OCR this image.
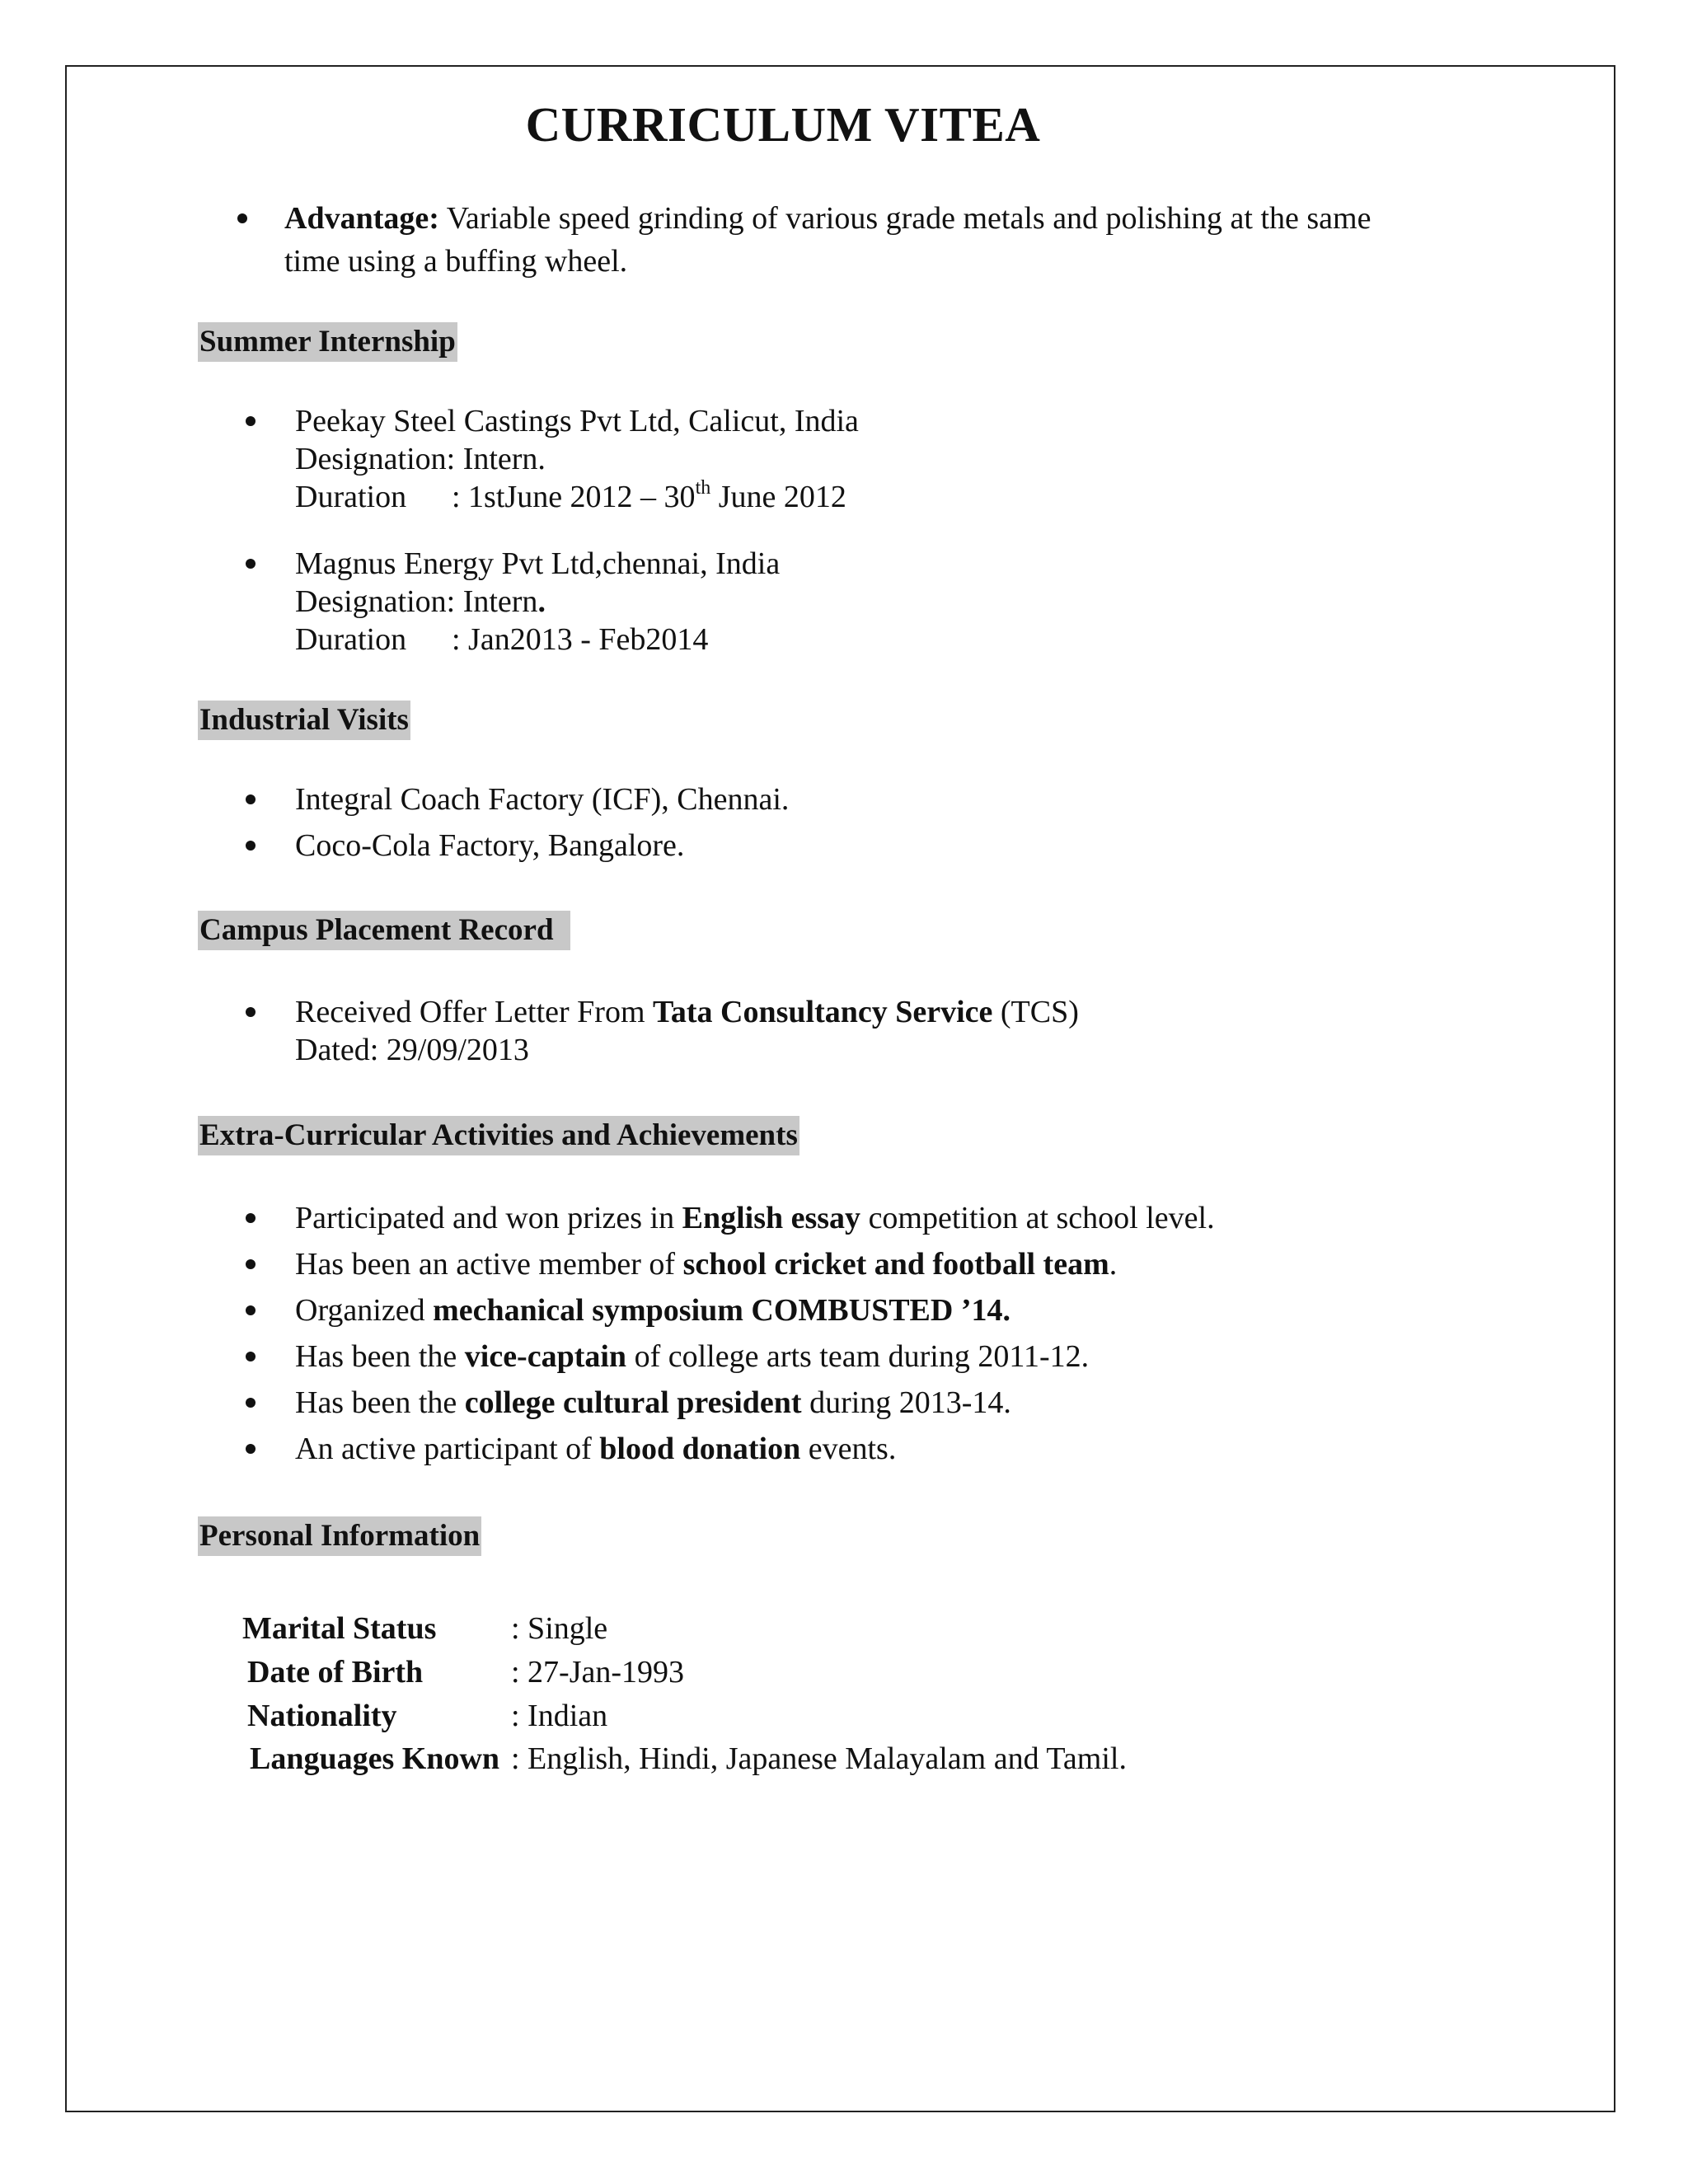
CURRICULUM VITEA
Advantage: Variable speed grinding of various grade metals and polishing at the same
time using a buffing wheel.
Summer Internship
Peekay Steel Castings Pvt Ltd, Calicut, India
Designation: Intern.
Duration : 1stJune 2012 – 30th June 2012
Magnus Energy Pvt Ltd,chennai, India
Designation: Intern.
Duration : Jan2013 - Feb2014
Industrial Visits
Integral Coach Factory (ICF), Chennai.
Coco-Cola Factory, Bangalore.
Campus Placement Record
Received Offer Letter From Tata Consultancy Service (TCS)
Dated: 29/09/2013
Extra-Curricular Activities and Achievements
Participated and won prizes in English essay competition at school level.
Has been an active member of school cricket and football team.
Organized mechanical symposium COMBUSTED ’14.
Has been the vice-captain of college arts team during 2011-12.
Has been the college cultural president during 2013-14.
An active participant of blood donation events.
Personal Information
Marital Status : Single
Date of Birth	: 27-Jan-1993
Nationality	: Indian
Languages Known : English, Hindi, Japanese Malayalam and Tamil.
